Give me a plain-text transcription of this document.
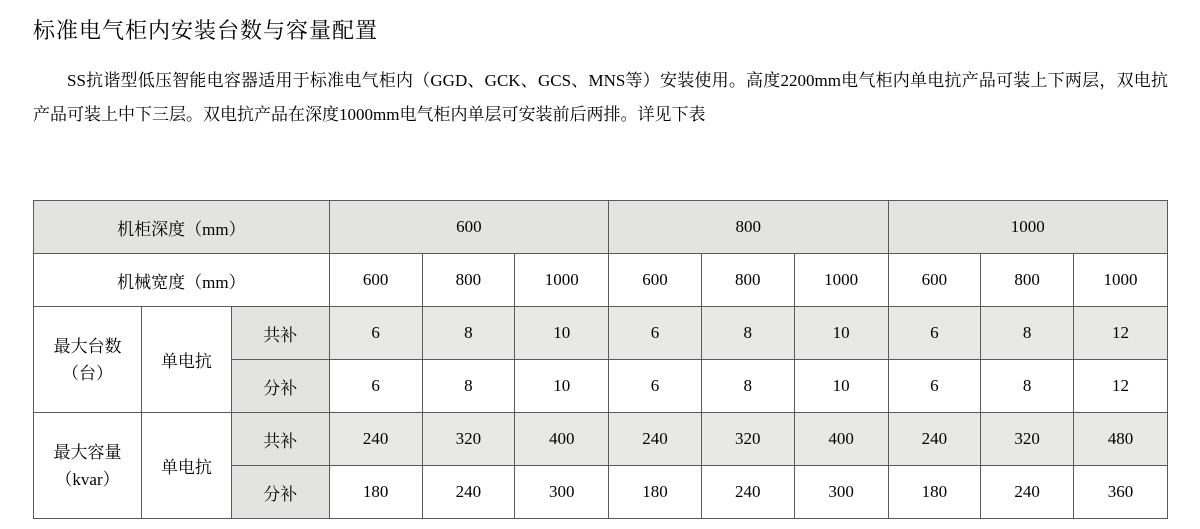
标准电气柜内安装台数与容量配置
SS抗谐型低压智能电容器适用于标准电气柜内（GGD、GCK、GCS、MNS等）安装使用。高度2200mm电气柜内单电抗产品可装上下两层，双电抗产品可装上中下三层。双电抗产品在深度1000mm电气柜内单层可安装前后两排。详见下表
机柜深度（mm）			600			800			1000		
机械宽度（mm）			600	800	1000	600	800	1000	600	800	1000

最大台数
（台）	单电抗	共补	6	8	10	6	8	10	6	8	12
		分补	6	8	10	6	8	10	6	8	12

最大容量
（kvar）	单电抗	共补	240	320	400	240	320	400	240	320	480
		分补	180	240	300	180	240	300	180	240	360
